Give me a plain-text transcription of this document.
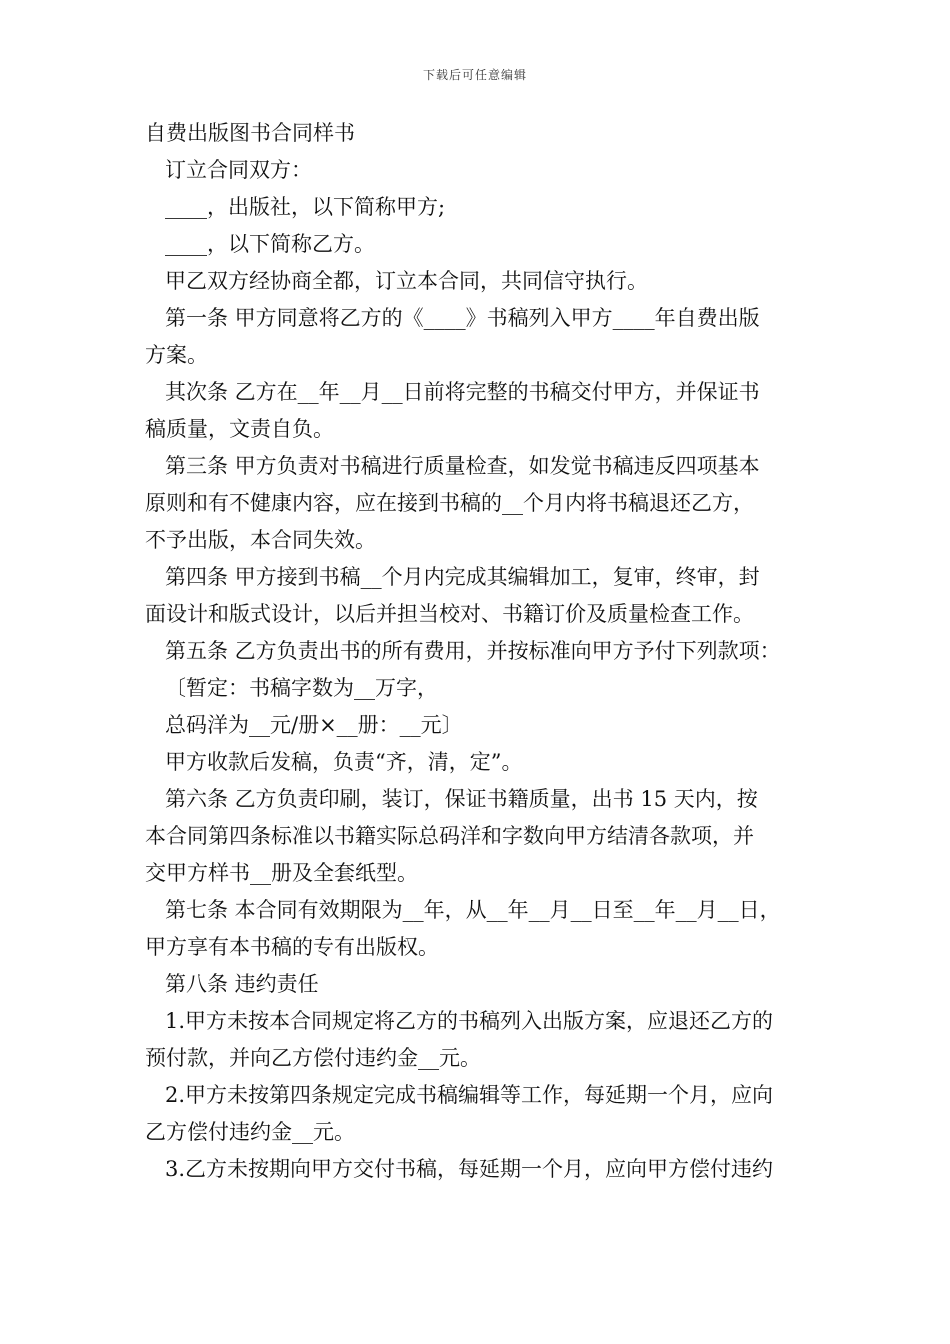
下载后可任意编辑

自费出版图书合同样书

订立合同双方：

____，出版社，以下简称甲方;

____，以下简称乙方。

甲乙双方经协商全都，订立本合同，共同信守执行。

第一条 甲方同意将乙方的《____》书稿列入甲方____年自费出版

方案。

其次条 乙方在__年__月__日前将完整的书稿交付甲方，并保证书

稿质量，文责自负。

第三条 甲方负责对书稿进行质量检查，如发觉书稿违反四项基本

原则和有不健康内容，应在接到书稿的__个月内将书稿退还乙方，

不予出版，本合同失效。

第四条 甲方接到书稿__个月内完成其编辑加工，复审，终审，封

面设计和版式设计，以后并担当校对、书籍订价及质量检查工作。

第五条 乙方负责出书的所有费用，并按标准向甲方予付下列款项：

〔暂定：书稿字数为__万字，

总码洋为__元/册×__册：__元〕

甲方收款后发稿，负责“齐，清，定”。

第六条 乙方负责印刷，装订，保证书籍质量，出书 15 天内，按

本合同第四条标准以书籍实际总码洋和字数向甲方结清各款项，并

交甲方样书__册及全套纸型。

第七条 本合同有效期限为__年，从__年__月__日至__年__月__日，

甲方享有本书稿的专有出版权。

第八条 违约责任

1.甲方未按本合同规定将乙方的书稿列入出版方案，应退还乙方的

预付款，并向乙方偿付违约金__元。

2.甲方未按第四条规定完成书稿编辑等工作，每延期一个月，应向

乙方偿付违约金__元。

3.乙方未按期向甲方交付书稿，每延期一个月，应向甲方偿付违约
